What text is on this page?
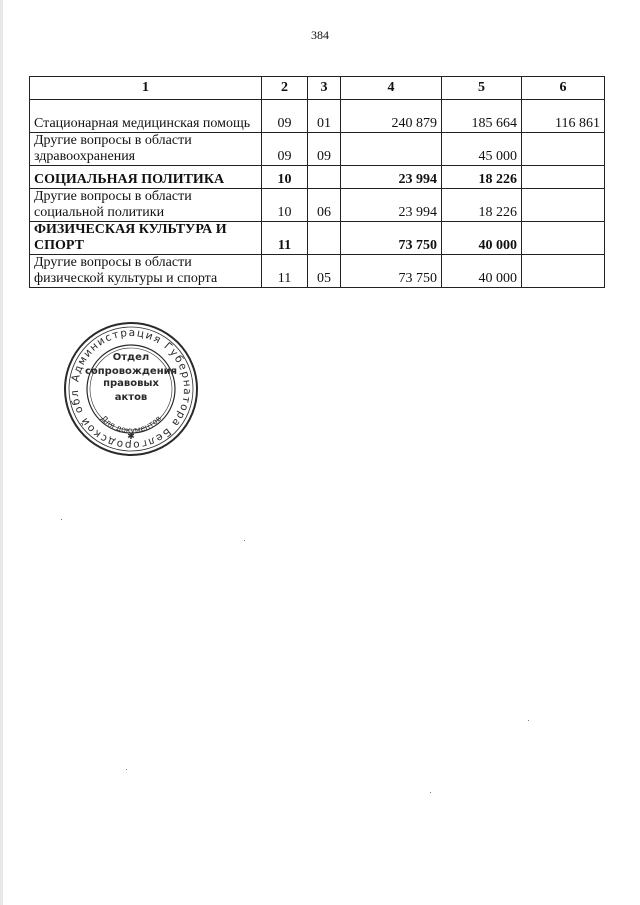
384
1	2	3	4	5	6
Стационарная медицинская помощь	09	01	240 879	185 664	116 861
Другие вопросы в области здравоохранения	09	09		45 000	
СОЦИАЛЬНАЯ ПОЛИТИКА	10		23 994	18 226	
Другие вопросы в области социальной политики	10	06	23 994	18 226	
ФИЗИЧЕСКАЯ КУЛЬТУРА И СПОРТ	11		73 750	40 000	
Другие вопросы в области физической культуры и спорта	11	05	73 750	40 000	
Администрация Губернатора Белгородской обл
Отдел
сопровождения
правовых
актов
Для документов
✱
